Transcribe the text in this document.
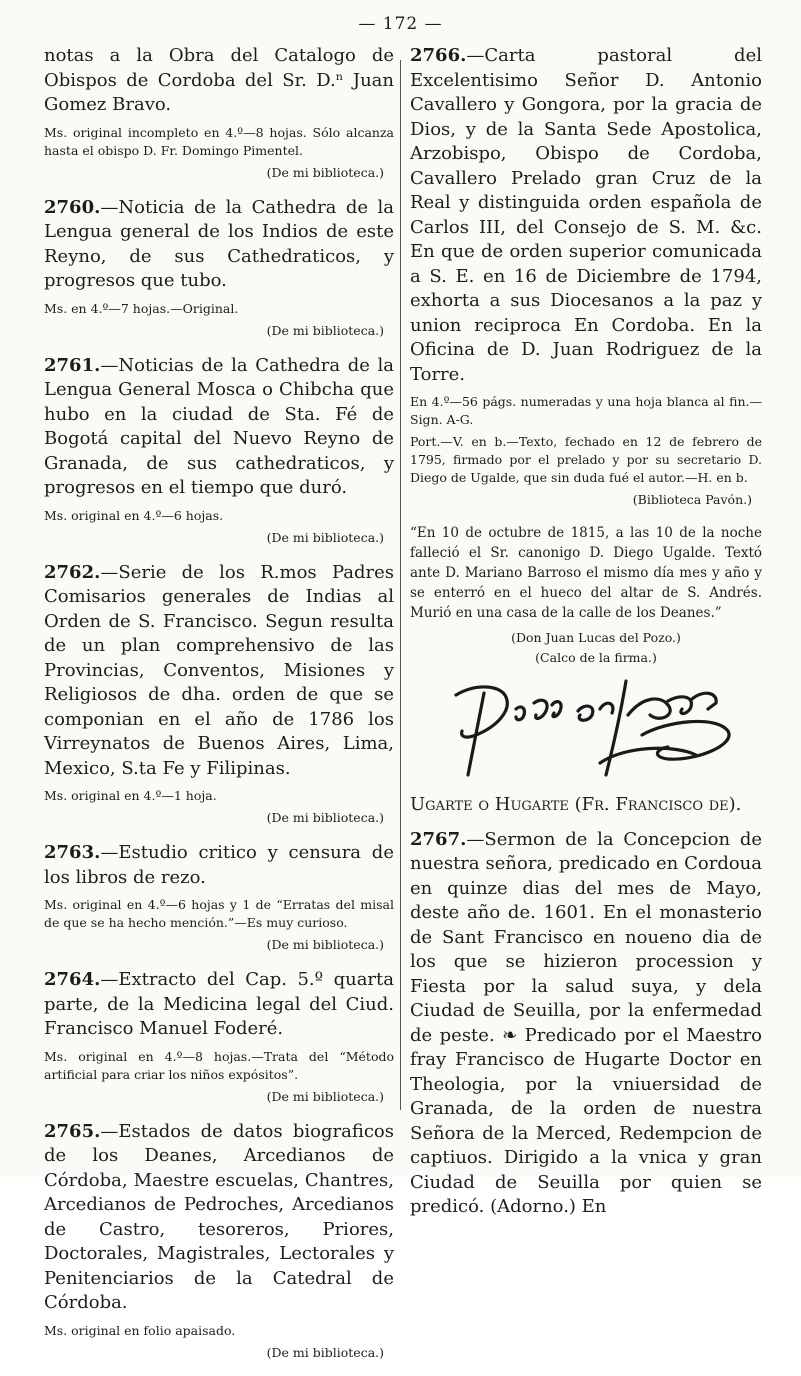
— 172 —

notas a la Obra del Catalogo de Obispos de Cordoba del Sr. D.ⁿ Juan Gomez Bravo.

Ms. original incompleto en 4.º—8 hojas. Sólo alcanza hasta el obispo D. Fr. Domingo Pimentel.

(De mi biblioteca.)

2760.—Noticia de la Cathedra de la Lengua general de los Indios de este Reyno, de sus Cathedraticos, y progresos que tubo.

Ms. en 4.º—7 hojas.—Original.

(De mi biblioteca.)

2761.—Noticias de la Cathedra de la Lengua General Mosca o Chibcha que hubo en la ciudad de Sta. Fé de Bogotá capital del Nuevo Reyno de Granada, de sus cathedraticos, y progresos en el tiempo que duró.

Ms. original en 4.º—6 hojas.

(De mi biblioteca.)

2762.—Serie de los R.mos Padres Comisarios generales de Indias al Orden de S. Francisco. Segun resulta de un plan comprehensivo de las Provincias, Conventos, Misiones y Religiosos de dha. orden de que se componian en el año de 1786 los Virreynatos de Buenos Aires, Lima, Mexico, S.ta Fe y Filipinas.

Ms. original en 4.º—1 hoja.

(De mi biblioteca.)

2763.—Estudio critico y censura de los libros de rezo.

Ms. original en 4.º—6 hojas y 1 de “Erratas del misal de que se ha hecho mención.”—Es muy curioso.

(De mi biblioteca.)

2764.—Extracto del Cap. 5.º quarta parte, de la Medicina legal del Ciud. Francisco Manuel Foderé.

Ms. original en 4.º—8 hojas.—Trata del “Método artificial para criar los niños expósitos”.

(De mi biblioteca.)

2765.—Estados de datos biograficos de los Deanes, Arcedianos de Córdoba, Maestre escuelas, Chantres, Arcedianos de Pedroches, Arcedianos de Castro, tesoreros, Priores, Doctorales, Magistrales, Lectorales y Penitenciarios de la Catedral de Córdoba.

Ms. original en folio apaisado.

(De mi biblioteca.)

2766.—Carta pastoral del Excelentisimo Señor D. Antonio Cavallero y Gongora, por la gracia de Dios, y de la Santa Sede Apostolica, Arzobispo, Obispo de Cordoba, Cavallero Prelado gran Cruz de la Real y distinguida orden española de Carlos III, del Consejo de S. M. &c. En que de orden superior comunicada a S. E. en 16 de Diciembre de 1794, exhorta a sus Diocesanos a la paz y union reciproca En Cordoba. En la Oficina de D. Juan Rodriguez de la Torre.

En 4.º—56 págs. numeradas y una hoja blanca al fin.—Sign. A-G.

Port.—V. en b.—Texto, fechado en 12 de febrero de 1795, firmado por el prelado y por su secretario D. Diego de Ugalde, que sin duda fué el autor.—H. en b.

(Biblioteca Pavón.)

“En 10 de octubre de 1815, a las 10 de la noche falleció el Sr. canonigo D. Diego Ugalde. Textó ante D. Mariano Barroso el mismo día mes y año y se enterró en el hueco del altar de S. Andrés. Murió en una casa de la calle de los Deanes.”

(Don Juan Lucas del Pozo.)

(Calco de la firma.)

Ugarte o Hugarte (Fr. Francisco de).

2767.—Sermon de la Concepcion de nuestra señora, predicado en Cordoua en quinze dias del mes de Mayo, deste año de. 1601. En el monasterio de Sant Francisco en noueno dia de los que se hizieron procession y Fiesta por la salud suya, y dela Ciudad de Seuilla, por la enfermedad de peste. ❧ Predicado por el Maestro fray Francisco de Hugarte Doctor en Theologia, por la vniuersidad de Granada, de la orden de nuestra Señora de la Merced, Redempcion de captiuos. Dirigido a la vnica y gran Ciudad de Seuilla por quien se predicó. (Adorno.) En
